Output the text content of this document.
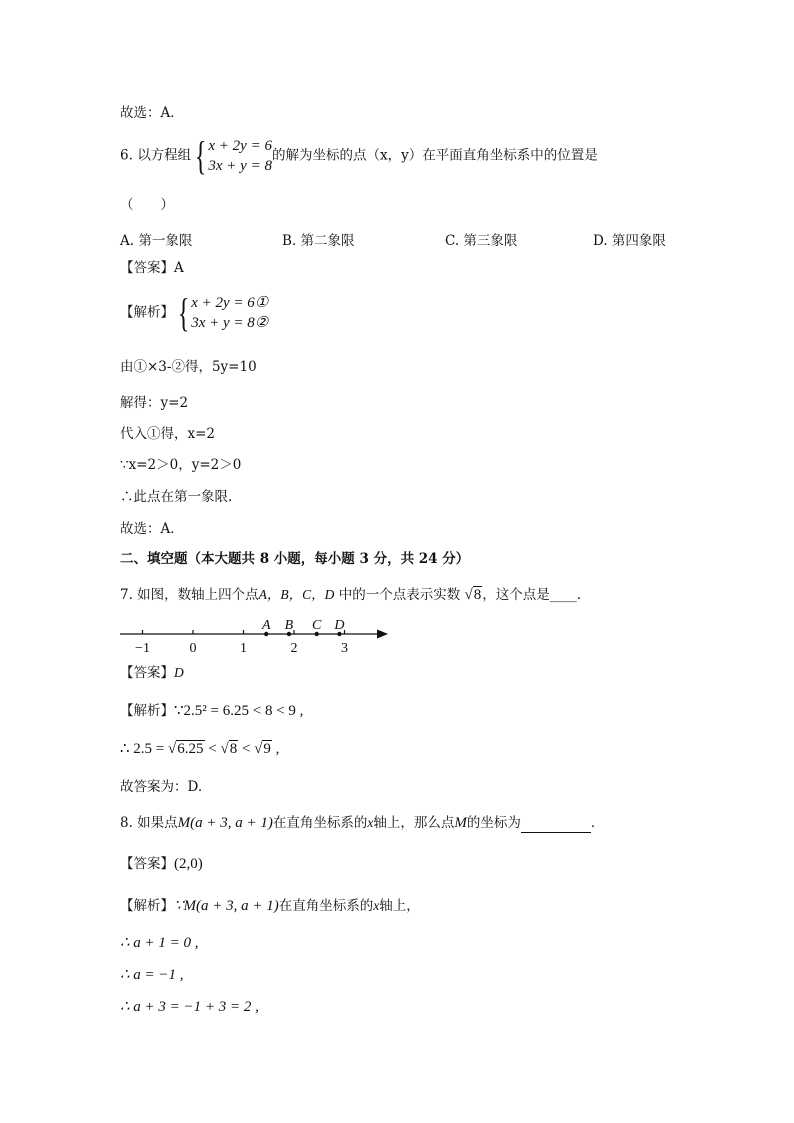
故选：A．
6. 以方程组{ x + 2y = 6
3x + y = 8
的解为坐标的点（x，y）在平面直角坐标系中的位置是
（　　）
A. 第一象限	B. 第二象限	C. 第三象限	D. 第四象限
【答案】A
【解析】{ x + 2y = 6①
3x + y = 8②
由①×3-②得，5y=10
解得：y=2
代入①得，x=2
∵x=2＞0，y=2＞0
∴此点在第一象限.
故选：A．
二、填空题（本大题共 8 小题，每小题 3 分，共 24 分）
7. 如图，数轴上四个点A，B，C，D 中的一个点表示实数 √8，这个点是____.
−1	0	1	2	3
A B C D
【答案】D
【解析】∵2.5² = 6.25 < 8 < 9 ,
∴ 2.5 = √6.25 < √8 < √9 ,
故答案为：D.
8. 如果点M(a + 3, a + 1)在直角坐标系的x轴上，那么点M的坐标为	．
【答案】(2,0)
【解析】∵M(a + 3, a + 1)在直角坐标系的x轴上，
∴ a + 1 = 0 ,
∴ a = −1 ,
∴ a + 3 = −1 + 3 = 2 ,
